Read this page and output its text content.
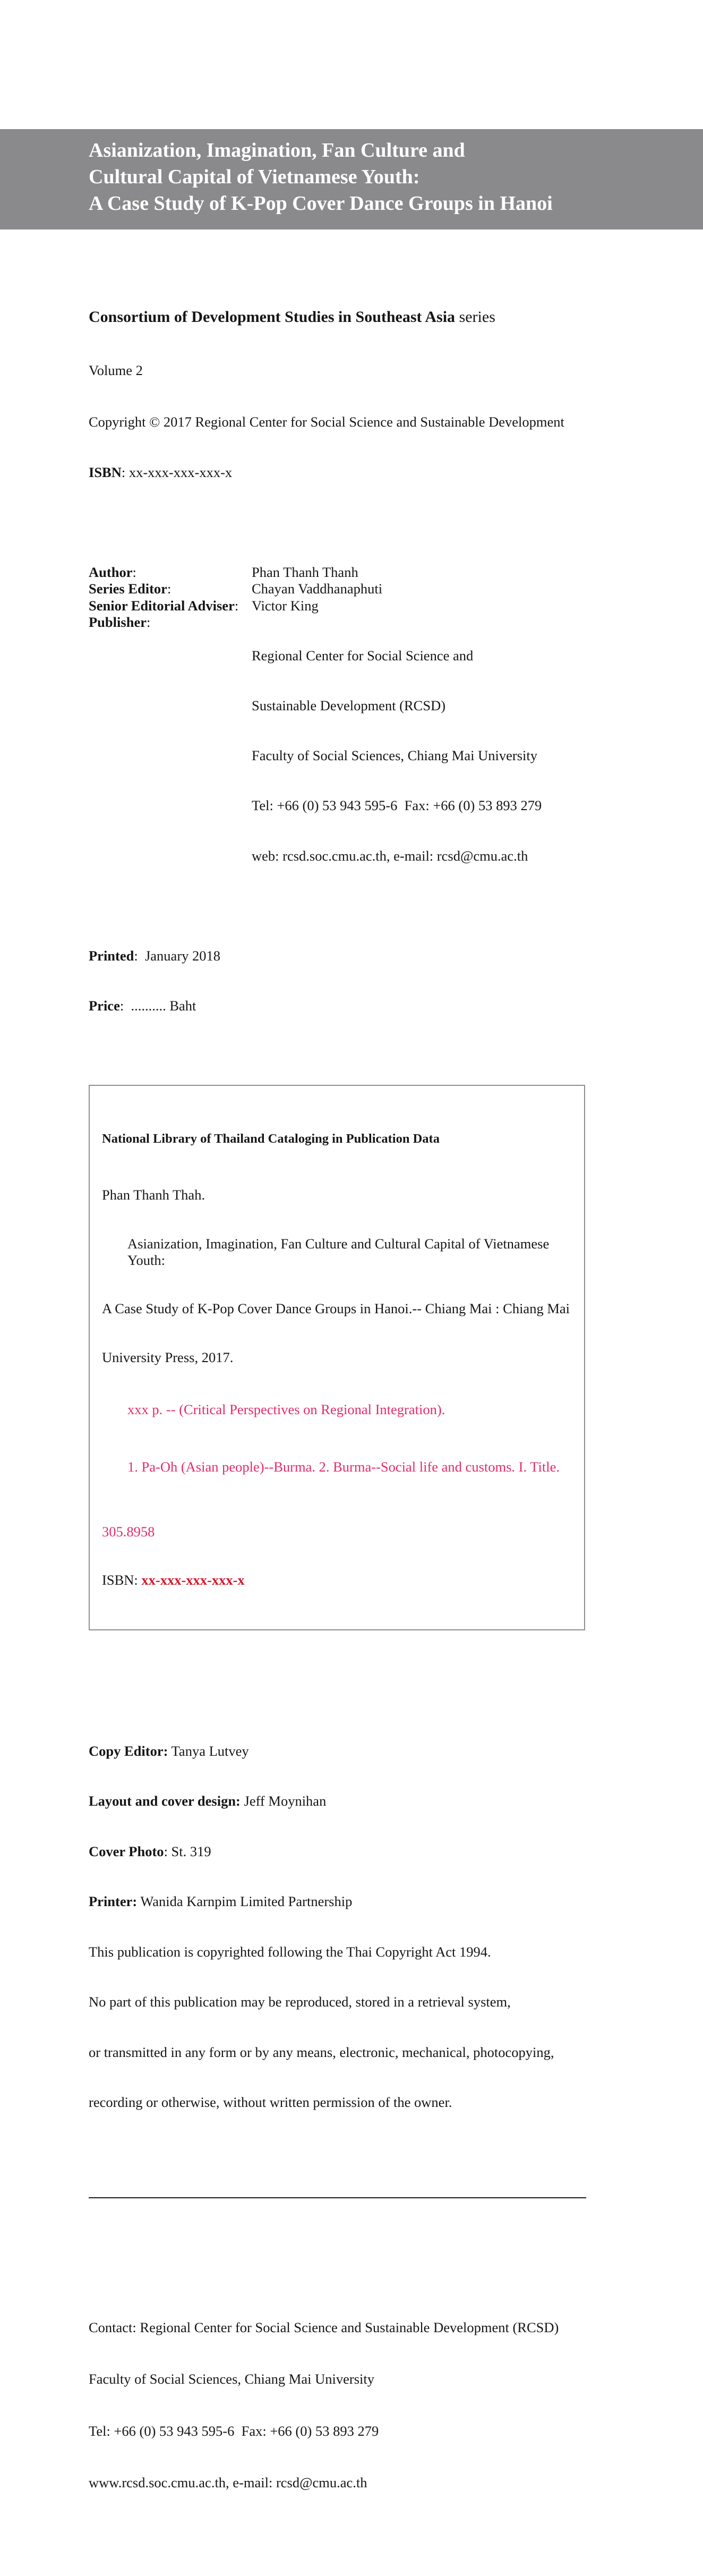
Asianization, Imagination, Fan Culture and
Cultural Capital of Vietnamese Youth:
A Case Study of K-Pop Cover Dance Groups in Hanoi

Consortium of Development Studies in Southeast Asia series

Volume 2

Copyright © 2017 Regional Center for Social Science and Sustainable Development

ISBN: xx-xxx-xxx-xxx-x

Author:	Phan Thanh Thanh
Series Editor:	Chayan Vaddhanaphuti
Senior Editorial Adviser: Victor King
Publisher:

Regional Center for Social Science and

Sustainable Development (RCSD)

Faculty of Social Sciences, Chiang Mai University

Tel: +66 (0) 53 943 595-6  Fax: +66 (0) 53 893 279

web: rcsd.soc.cmu.ac.th, e-mail: rcsd@cmu.ac.th

Printed:  January 2018

Price:  .......... Baht

National Library of Thailand Cataloging in Publication Data

Phan Thanh Thah.

Asianization, Imagination, Fan Culture and Cultural Capital of Vietnamese Youth:

A Case Study of K-Pop Cover Dance Groups in Hanoi.-- Chiang Mai : Chiang Mai

University Press, 2017.

xxx p. -- (Critical Perspectives on Regional Integration).

1. Pa-Oh (Asian people)--Burma. 2. Burma--Social life and customs. I. Title.

305.8958

ISBN: xx-xxx-xxx-xxx-x

Copy Editor: Tanya Lutvey

Layout and cover design: Jeff Moynihan

Cover Photo: St. 319

Printer: Wanida Karnpim Limited Partnership

This publication is copyrighted following the Thai Copyright Act 1994.

No part of this publication may be reproduced, stored in a retrieval system,

or transmitted in any form or by any means, electronic, mechanical, photocopying,

recording or otherwise, without written permission of the owner.

Contact: Regional Center for Social Science and Sustainable Development (RCSD)

Faculty of Social Sciences, Chiang Mai University

Tel: +66 (0) 53 943 595-6  Fax: +66 (0) 53 893 279

www.rcsd.soc.cmu.ac.th, e-mail: rcsd@cmu.ac.th
